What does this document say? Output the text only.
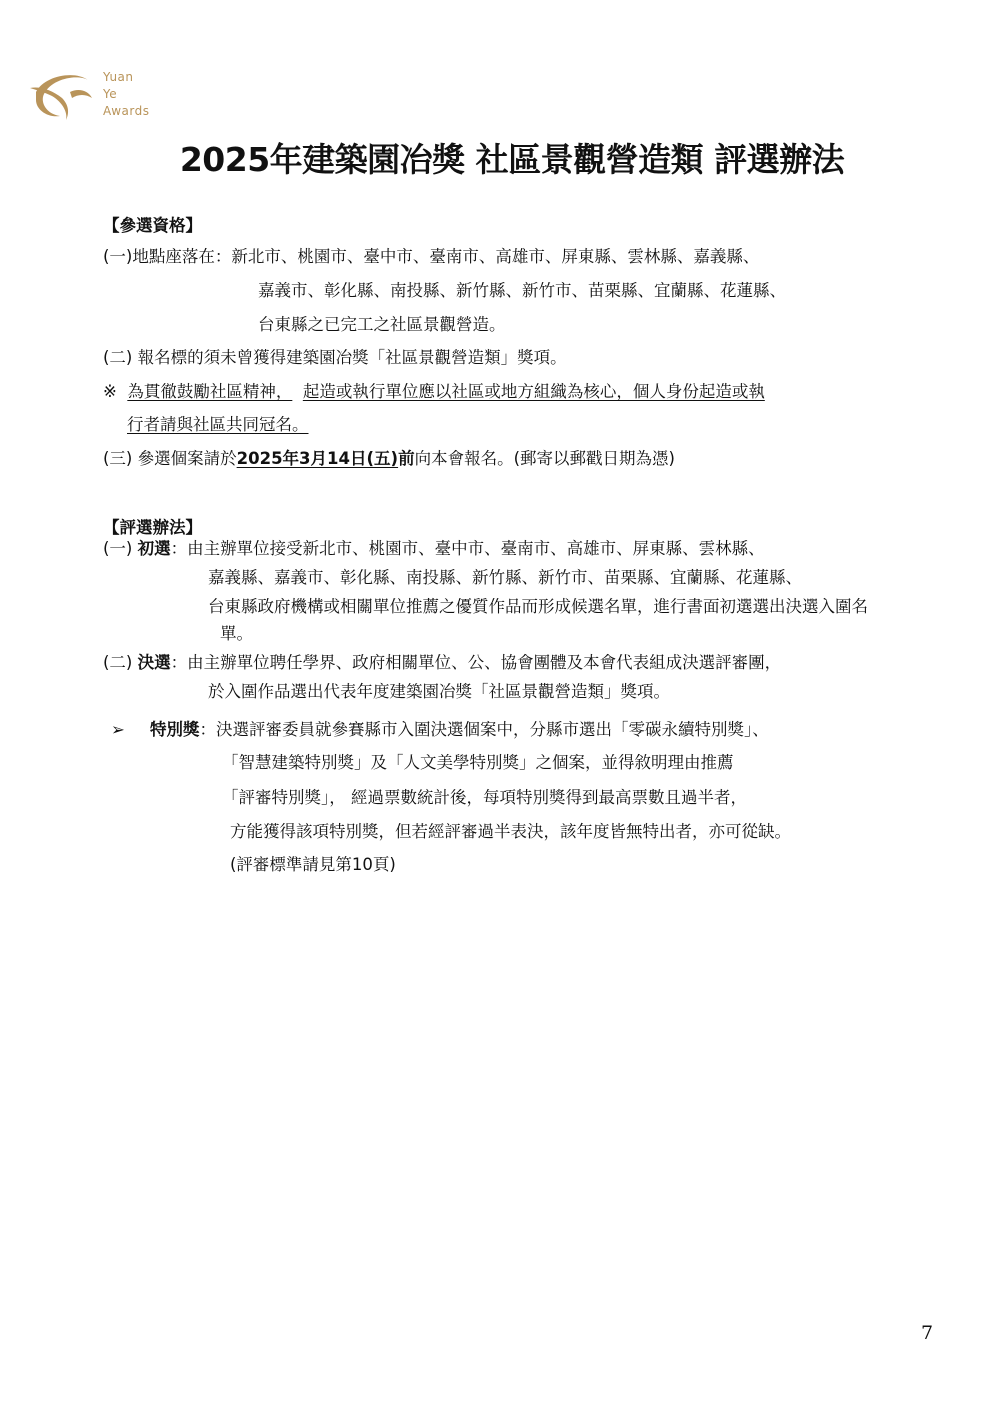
Yuan
Ye
Awards
2025年建築園冶獎 社區景觀營造類 評選辦法
【參選資格】
(一)地點座落在：新北市、桃園市、臺中市、臺南市、高雄市、屏東縣、雲林縣、嘉義縣、
嘉義市、彰化縣、南投縣、新竹縣、新竹市、苗栗縣、宜蘭縣、花蓮縣、
台東縣之已完工之社區景觀營造。
(二) 報名標的須未曾獲得建築園冶獎「社區景觀營造類」獎項。
※ 為貫徹鼓勵社區精神， 起造或執行單位應以社區或地方組織為核心，個人身份起造或執
行者請與社區共同冠名。
(三) 參選個案請於2025年3月14日(五)前向本會報名。(郵寄以郵戳日期為憑)
【評選辦法】
(一) 初選：由主辦單位接受新北市、桃園市、臺中市、臺南市、高雄市、屏東縣、雲林縣、
嘉義縣、嘉義市、彰化縣、南投縣、新竹縣、新竹市、苗栗縣、宜蘭縣、花蓮縣、
台東縣政府機構或相關單位推薦之優質作品而形成候選名單，進行書面初選選出決選入圍名
單。
(二) 決選：由主辦單位聘任學界、政府相關單位、公、協會團體及本會代表組成決選評審團，
於入圍作品選出代表年度建築園冶獎「社區景觀營造類」獎項。
➢ 特別獎：決選評審委員就參賽縣市入圍決選個案中，分縣市選出「零碳永續特別獎」、
「智慧建築特別獎」及「人文美學特別獎」之個案，並得敘明理由推薦
「評審特別獎」， 經過票數統計後，每項特別獎得到最高票數且過半者，
方能獲得該項特別獎，但若經評審過半表決，該年度皆無特出者，亦可從缺。
(評審標準請見第10頁)
7
